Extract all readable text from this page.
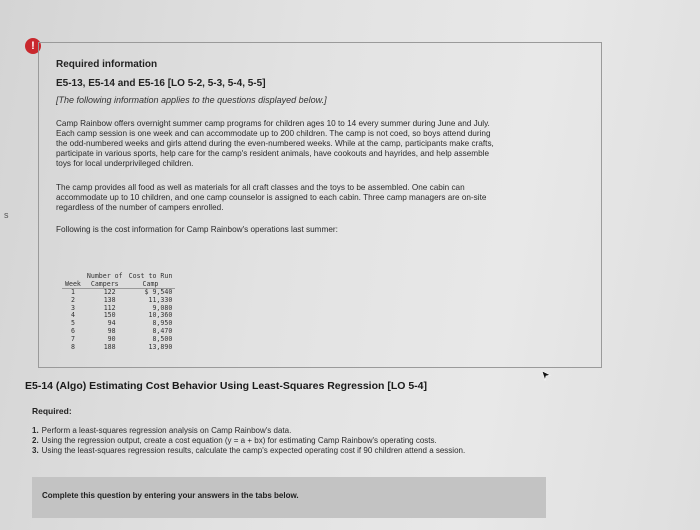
!
s

Required information

E5-13, E5-14 and E5-16 [LO 5-2, 5-3, 5-4, 5-5]

[The following information applies to the questions displayed below.]

Camp Rainbow offers overnight summer camp programs for children ages 10 to 14 every summer during June and July.
Each camp session is one week and can accommodate up to 200 children. The camp is not coed, so boys attend during
the odd-numbered weeks and girls attend during the even-numbered weeks. While at the camp, participants make crafts,
participate in various sports, help care for the camp's resident animals, have cookouts and hayrides, and help assemble
toys for local underprivileged children.

The camp provides all food as well as materials for all craft classes and the toys to be assembled. One cabin can
accommodate up to 10 children, and one camp counselor is assigned to each cabin. Three camp managers are on-site
regardless of the number of campers enrolled.

Following is the cost information for Camp Rainbow's operations last summer:

	Number of	Cost to Run
Week	Campers	Camp
1	122	$ 9,540
2	138	11,330
3	112	9,080
4	150	10,360
5	94	8,950
6	98	8,470
7	90	8,500
8	188	13,890
E5-14 (Algo) Estimating Cost Behavior Using Least-Squares Regression [LO 5-4]
Required:
1. Perform a least-squares regression analysis on Camp Rainbow's data.
2. Using the regression output, create a cost equation (y = a + bx) for estimating Camp Rainbow's operating costs.
3. Using the least-squares regression results, calculate the camp's expected operating cost if 90 children attend a session.
Complete this question by entering your answers in the tabs below.
